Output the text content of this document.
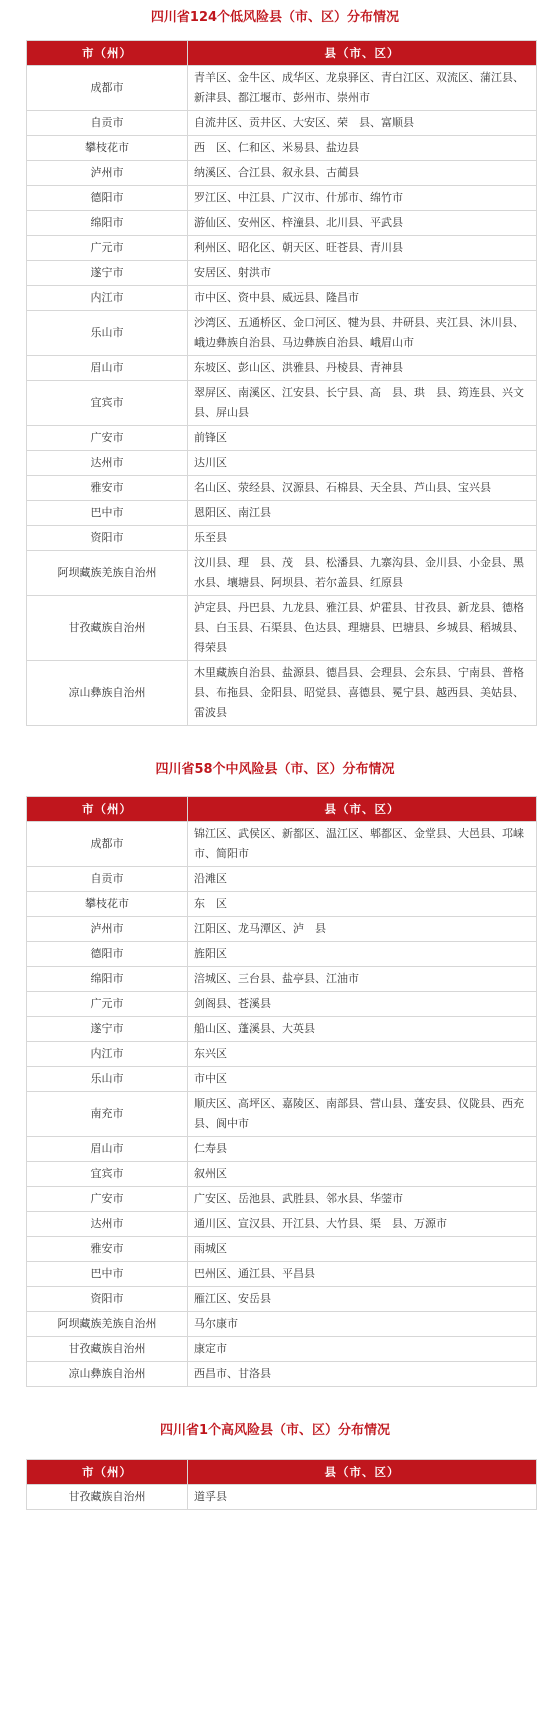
四川省124个低风险县（市、区）分布情况
市（州）	县（市、区）
成都市	青羊区、金牛区、成华区、龙泉驿区、青白江区、双流区、蒲江县、新津县、都江堰市、彭州市、崇州市
自贡市	自流井区、贡井区、大安区、荣　县、富顺县
攀枝花市	西　区、仁和区、米易县、盐边县
泸州市	纳溪区、合江县、叙永县、古蔺县
德阳市	罗江区、中江县、广汉市、什邡市、绵竹市
绵阳市	游仙区、安州区、梓潼县、北川县、平武县
广元市	利州区、昭化区、朝天区、旺苍县、青川县
遂宁市	安居区、射洪市
内江市	市中区、资中县、威远县、隆昌市
乐山市	沙湾区、五通桥区、金口河区、犍为县、井研县、夹江县、沐川县、峨边彝族自治县、马边彝族自治县、峨眉山市
眉山市	东坡区、彭山区、洪雅县、丹棱县、青神县
宜宾市	翠屏区、南溪区、江安县、长宁县、高　县、珙　县、筠连县、兴文县、屏山县
广安市	前锋区
达州市	达川区
雅安市	名山区、荥经县、汉源县、石棉县、天全县、芦山县、宝兴县
巴中市	恩阳区、南江县
资阳市	乐至县
阿坝藏族羌族自治州	汶川县、理　县、茂　县、松潘县、九寨沟县、金川县、小金县、黑水县、壤塘县、阿坝县、若尔盖县、红原县
甘孜藏族自治州	泸定县、丹巴县、九龙县、雅江县、炉霍县、甘孜县、新龙县、德格县、白玉县、石渠县、色达县、理塘县、巴塘县、乡城县、稻城县、得荣县
凉山彝族自治州	木里藏族自治县、盐源县、德昌县、会理县、会东县、宁南县、普格县、布拖县、金阳县、昭觉县、喜德县、冕宁县、越西县、美姑县、雷波县
四川省58个中风险县（市、区）分布情况
市（州）	县（市、区）
成都市	锦江区、武侯区、新都区、温江区、郫都区、金堂县、大邑县、邛崃市、简阳市
自贡市	沿滩区
攀枝花市	东　区
泸州市	江阳区、龙马潭区、泸　县
德阳市	旌阳区
绵阳市	涪城区、三台县、盐亭县、江油市
广元市	剑阁县、苍溪县
遂宁市	船山区、蓬溪县、大英县
内江市	东兴区
乐山市	市中区
南充市	顺庆区、高坪区、嘉陵区、南部县、营山县、蓬安县、仪陇县、西充县、阆中市
眉山市	仁寿县
宜宾市	叙州区
广安市	广安区、岳池县、武胜县、邻水县、华蓥市
达州市	通川区、宣汉县、开江县、大竹县、渠　县、万源市
雅安市	雨城区
巴中市	巴州区、通江县、平昌县
资阳市	雁江区、安岳县
阿坝藏族羌族自治州	马尔康市
甘孜藏族自治州	康定市
凉山彝族自治州	西昌市、甘洛县
四川省1个高风险县（市、区）分布情况
市（州）	县（市、区）
甘孜藏族自治州	道孚县
